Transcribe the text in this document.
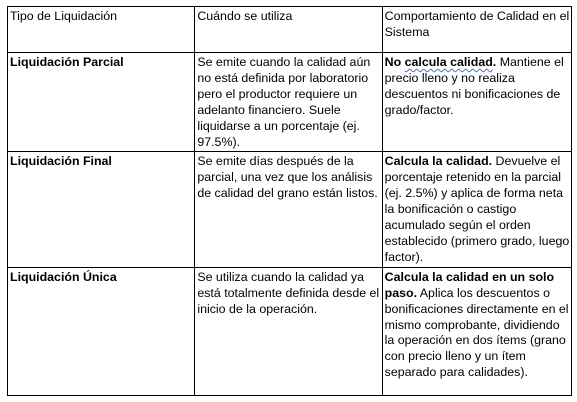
Tipo de Liquidación	Cuándo se utiliza	Comportamiento de Calidad en el Sistema
Liquidación Parcial	Se emite cuando la calidad aún no está definida por laboratorio pero el productor requiere un adelanto financiero. Suele liquidarse a un porcentaje (ej. 97.5%).	No calcula calidad. Mantiene el precio lleno y no realiza descuentos ni bonificaciones de grado/factor.
Liquidación Final	Se emite días después de la parcial, una vez que los análisis de calidad del grano están listos.	Calcula la calidad. Devuelve el porcentaje retenido en la parcial (ej. 2.5%) y aplica de forma neta la bonificación o castigo acumulado según el orden establecido (primero grado, luego factor).
Liquidación Única	Se utiliza cuando la calidad ya está totalmente definida desde el inicio de la operación.	Calcula la calidad en un solo paso. Aplica los descuentos o bonificaciones directamente en el mismo comprobante, dividiendo la operación en dos ítems (grano con precio lleno y un ítem separado para calidades).
